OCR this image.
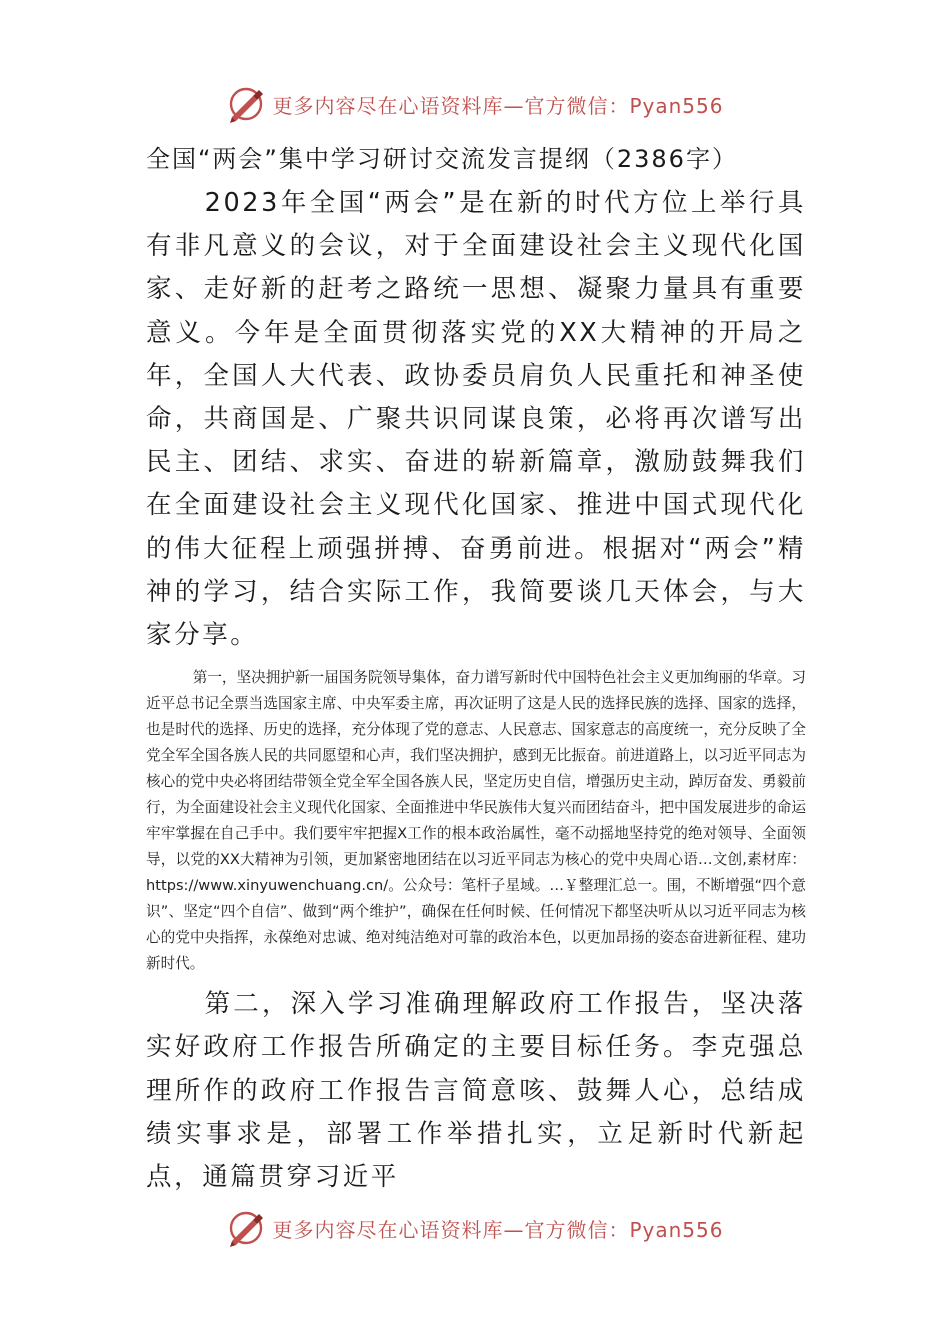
更多内容尽在心语资料库—官方微信：Pyan556
全国“两会”集中学习研讨交流发言提纲（2386字）

2023年全国“两会”是在新的时代方位上举行具有非凡意义的会议，对于全面建设社会主义现代化国家、走好新的赶考之路统一思想、凝聚力量具有重要意义。今年是全面贯彻落实党的XX大精神的开局之年，全国人大代表、政协委员肩负人民重托和神圣使命，共商国是、广聚共识同谋良策，必将再次谱写出民主、团结、求实、奋进的崭新篇章，激励鼓舞我们在全面建设社会主义现代化国家、推进中国式现代化的伟大征程上顽强拼搏、奋勇前进。根据对“两会”精神的学习，结合实际工作，我简要谈几天体会，与大家分享。

第一，坚决拥护新一届国务院领导集体，奋力谱写新时代中国特色社会主义更加绚丽的华章。习近平总书记全票当选国家主席、中央军委主席，再次证明了这是人民的选择民族的选择、国家的选择，也是时代的选择、历史的选择，充分体现了党的意志、人民意志、国家意志的高度统一，充分反映了全党全军全国各族人民的共同愿望和心声，我们坚决拥护，感到无比振奋。前进道路上，以习近平同志为核心的党中央必将团结带领全党全军全国各族人民，坚定历史自信，增强历史主动，踔厉奋发、勇毅前行，为全面建设社会主义现代化国家、全面推进中华民族伟大复兴而团结奋斗，把中国发展进步的命运牢牢掌握在自己手中。我们要牢牢把握X工作的根本政治属性，毫不动摇地坚持党的绝对领导、全面领导，以党的XX大精神为引领，更加紧密地团结在以习近平同志为核心的党中央周心语…文创,素材库：https://www.xinyuwenchuang.cn/。公众号：笔杆子星域。…￥整理汇总一。围，不断增强“四个意识”、坚定“四个自信”、做到“两个维护”，确保在任何时候、任何情况下都坚决听从以习近平同志为核心的党中央指挥，永葆绝对忠诚、绝对纯洁绝对可靠的政治本色，以更加昂扬的姿态奋进新征程、建功新时代。

第二，深入学习准确理解政府工作报告，坚决落实好政府工作报告所确定的主要目标任务。李克强总理所作的政府工作报告言简意咳、鼓舞人心，总结成绩实事求是，部署工作举措扎实，立足新时代新起点，通篇贯穿习近平

更多内容尽在心语资料库—官方微信：Pyan556
